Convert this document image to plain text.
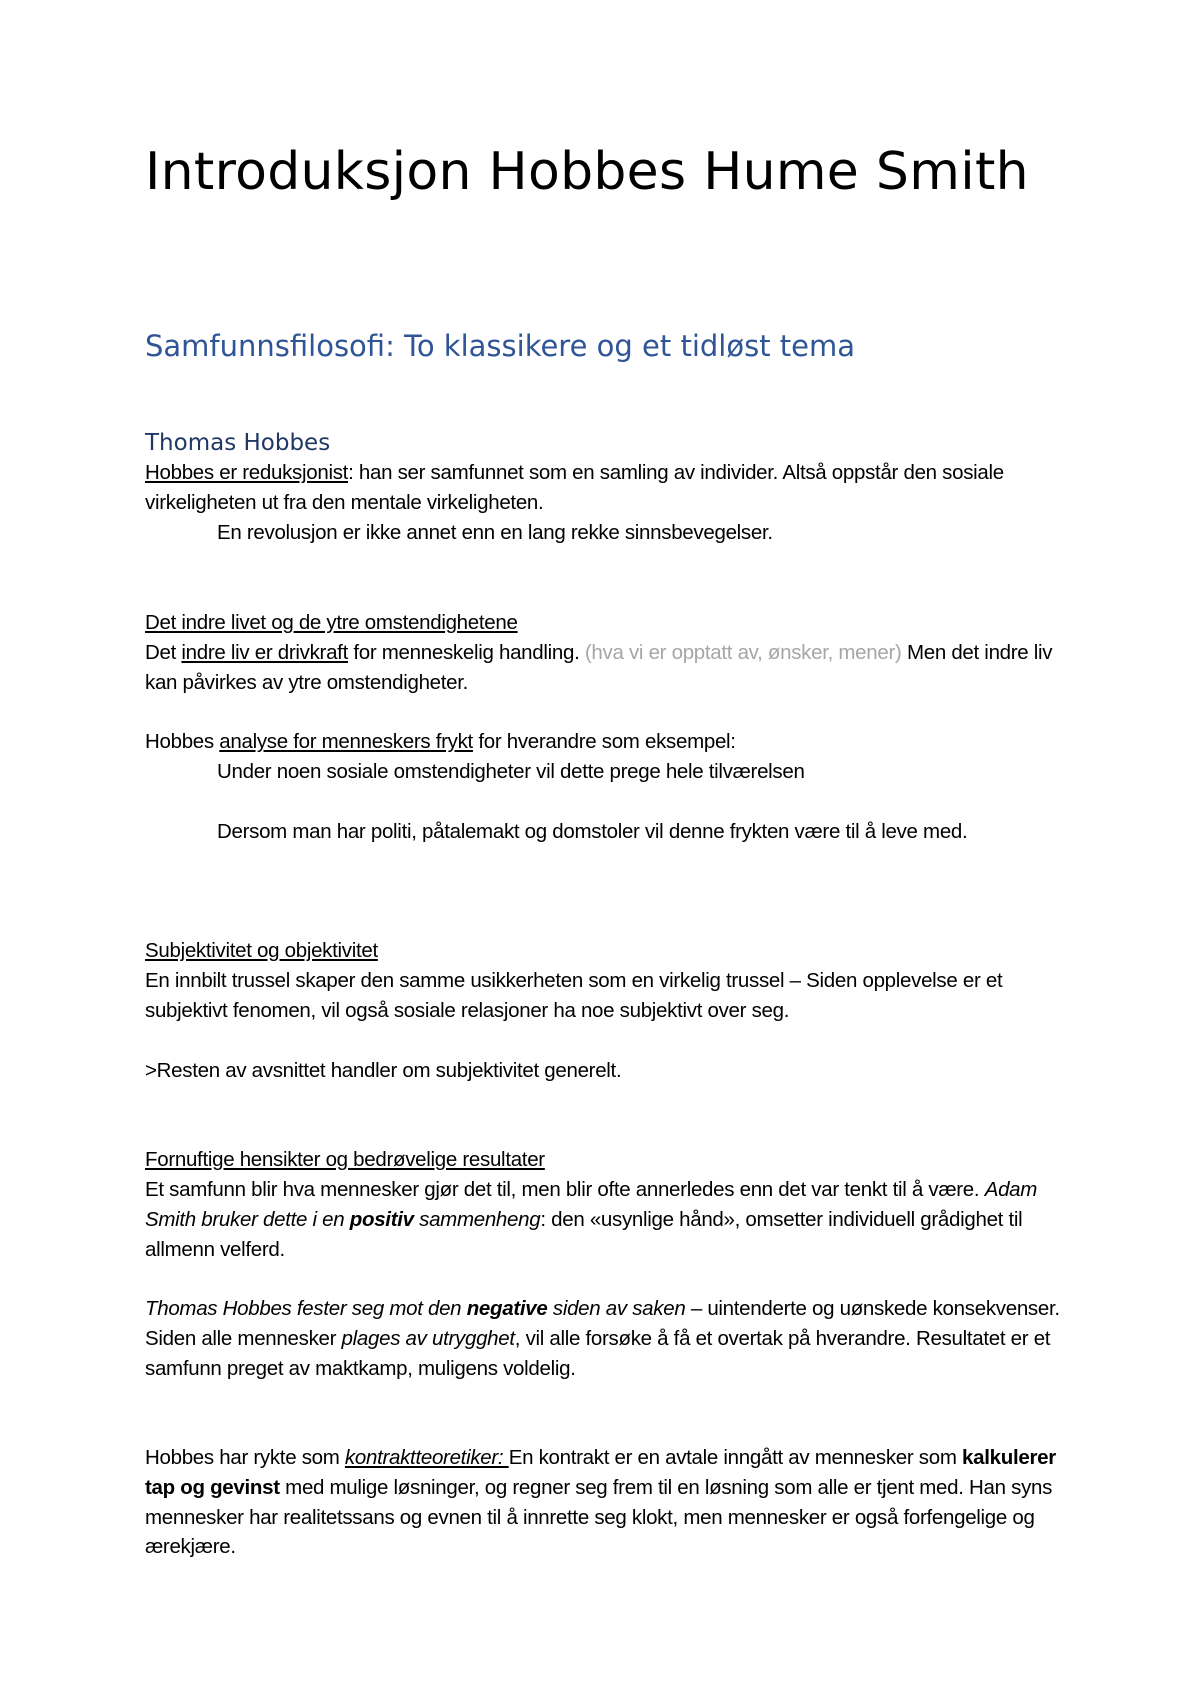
Introduksjon Hobbes Hume Smith
Samfunnsfilosofi: To klassikere og et tidløst tema
Thomas Hobbes

Hobbes er reduksjonist: han ser samfunnet som en samling av individer. Altså oppstår den sosiale virkeligheten ut fra den mentale virkeligheten.

En revolusjon er ikke annet enn en lang rekke sinnsbevegelser.

Det indre livet og de ytre omstendighetene

Det indre liv er drivkraft for menneskelig handling. (hva vi er opptatt av, ønsker, mener) Men det indre liv kan påvirkes av ytre omstendigheter.

Hobbes analyse for menneskers frykt for hverandre som eksempel:

Under noen sosiale omstendigheter vil dette prege hele tilværelsen

Dersom man har politi, påtalemakt og domstoler vil denne frykten være til å leve med.

Subjektivitet og objektivitet

En innbilt trussel skaper den samme usikkerheten som en virkelig trussel – Siden opplevelse er et subjektivt fenomen, vil også sosiale relasjoner ha noe subjektivt over seg.

>Resten av avsnittet handler om subjektivitet generelt.

Fornuftige hensikter og bedrøvelige resultater

Et samfunn blir hva mennesker gjør det til, men blir ofte annerledes enn det var tenkt til å være. Adam Smith bruker dette i en positiv sammenheng: den «usynlige hånd», omsetter individuell grådighet til allmenn velferd.

Thomas Hobbes fester seg mot den negative siden av saken – uintenderte og uønskede konsekvenser. Siden alle mennesker plages av utrygghet, vil alle forsøke å få et overtak på hverandre. Resultatet er et samfunn preget av maktkamp, muligens voldelig.

Hobbes har rykte som kontraktteoretiker: En kontrakt er en avtale inngått av mennesker som kalkulerer tap og gevinst med mulige løsninger, og regner seg frem til en løsning som alle er tjent med. Han syns mennesker har realitetssans og evnen til å innrette seg klokt, men mennesker er også forfengelige og ærekjære.
